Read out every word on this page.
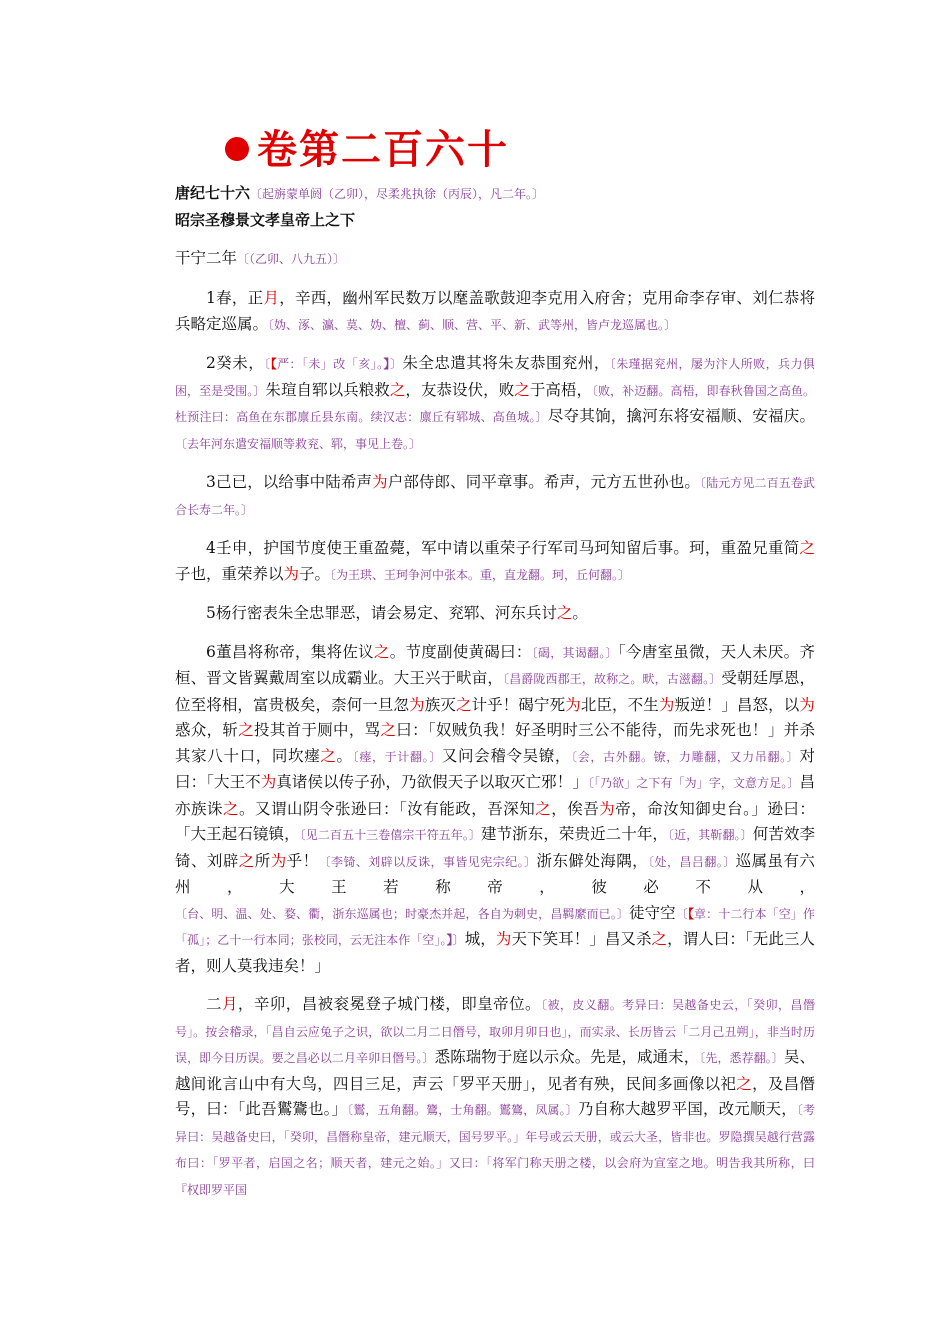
卷第二百六十

唐纪七十六〔起旃蒙单阏（乙卯），尽柔兆执徐（丙辰），凡二年。〕

昭宗圣穆景文孝皇帝上之下

干宁二年〔（乙卯、八九五）〕

1春，正月，辛西，幽州军民数万以麾盖歌鼓迎李克用入府舍；克用命李存审、刘仁恭将兵略定巡属。〔妫、涿、瀛、莫、妫、檀、蓟、顺、营、平、新、武等州，皆卢龙巡属也。〕

2癸未，〔【严：「未」改「亥」。】〕朱全忠遣其将朱友恭围兖州，〔朱瑾据兖州，屡为汴人所败，兵力俱困，至是受围。〕朱瑄自郓以兵粮救之，友恭设伏，败之于高梧，〔败，补迈翻。高梧，即春秋鲁国之高鱼。杜预注曰：高鱼在东郡廪丘县东南。续汉志：廪丘有郓城、高鱼城。〕尽夺其饷，擒河东将安福顺、安福庆。〔去年河东遣安福顺等救兖、郓，事见上卷。〕

3己已，以给事中陆希声为户部侍郎、同平章事。希声，元方五世孙也。〔陆元方见二百五卷武合长寿二年。〕

4壬申，护国节度使王重盈薨，军中请以重荣子行军司马珂知留后事。珂，重盈兄重简之子也，重荣养以为子。〔为王珙、王珂争河中张本。重，直龙翻。珂，丘何翻。〕

5杨行密表朱全忠罪恶，请会易定、兖郓、河东兵讨之。

6董昌将称帝，集将佐议之。节度副使黄碣曰：〔碣，其谒翻。〕「今唐室虽微，天人未厌。齐桓、晋文皆翼戴周室以成霸业。大王兴于畎亩，〔昌爵陇西郡王，故称之。畎，古滋翻。〕受朝廷厚恩，位至将相，富贵极矣，柰何一旦忽为族灭之计乎！碣宁死为北臣，不生为叛逆！」昌怒，以为惑众，斩之投其首于厕中，骂之曰：「奴贼负我！好圣明时三公不能待，而先求死也！」并杀其家八十口，同坎瘗之。〔瘗，于计翻。〕又问会稽令吴镣，〔会，古外翻。镣，力雕翻，又力吊翻。〕对曰：「大王不为真诸侯以传子孙，乃欲假天子以取灭亡邪！」〔「乃欲」之下有「为」字，文意方足。〕昌亦族诛之。又谓山阴令张逊曰：「汝有能政，吾深知之，俟吾为帝，命汝知御史台。」逊曰：「大王起石镜镇，〔见二百五十三卷僖宗干符五年。〕建节浙东，荣贵近二十年，〔近，其靳翻。〕何苦效李锜、刘辟之所为乎！〔李锜、刘辟以反诛，事皆见宪宗纪。〕浙东僻处海隅，〔处，昌吕翻。〕巡属虽有六州，大王若称帝，彼必不从，〔台、明、温、处、婺、衢，浙东巡属也；时豪杰并起，各自为刺史，昌羁縻而已。〕徒守空〔【章：十二行本「空」作「孤」；乙十一行本同；张校同，云无注本作「空」。】〕城，为天下笑耳！」昌又杀之，谓人曰：「无此三人者，则人莫我违矣！」

二月，辛卯，昌被衮冕登子城门楼，即皇帝位。〔被，皮义翻。考异曰：吴越备史云，「癸卯，昌僭号」。按会稽录，「昌自云应兔子之识，欲以二月二日僭号，取卯月卯日也」，而实录、长历皆云「二月己丑朔」，非当时历误，即今日历误。要之昌必以二月辛卯日僭号。〕悉陈瑞物于庭以示众。先是，咸通末，〔先，悉荐翻。〕吴、越间讹言山中有大鸟，四目三足，声云「罗平天册」，见者有殃，民间多画像以祀之，及昌僭号，曰：「此吾鸑鷟也。」〔鸑，五角翻。鷟，士角翻。鸑鷟，凤属。〕乃自称大越罗平国，改元顺天，〔考异曰：吴越备史曰，「癸卯，昌僭称皇帝，建元顺天，国号罗平。」年号或云天册，或云大圣，皆非也。罗隐撰吴越行营露布曰：「罗平者，启国之名；顺天者，建元之始。」又曰：「将军门称天册之楼，以会府为宣室之地。明告我其所称，曰『权即罗平国
